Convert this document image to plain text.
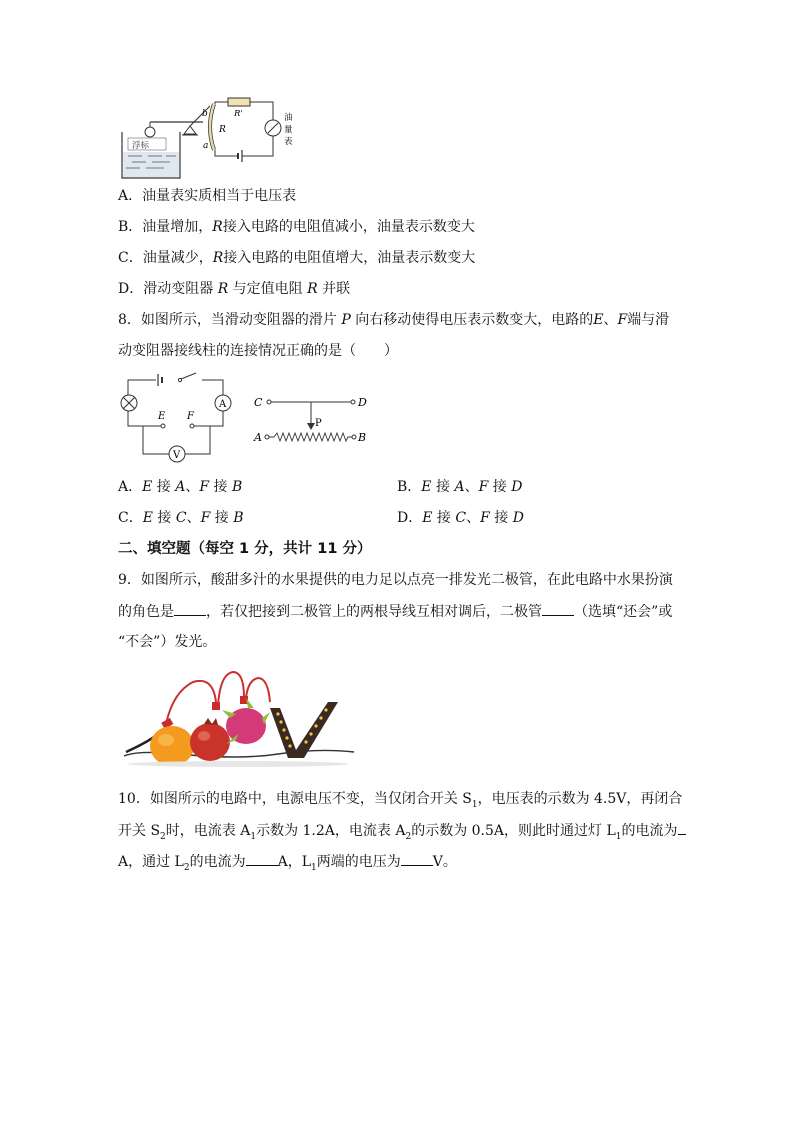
浮标
b
a
R
R'	油
量
表
A．油量表实质相当于电压表
B．油量增加，R接入电路的电阻值减小，油量表示数变大
C．油量减少，R接入电路的电阻值增大，油量表示数变大
D．滑动变阻器 R 与定值电阻 R 并联
8．如图所示，当滑动变阻器的滑片 P 向右移动使得电压表示数变大，电路的E、F端与滑
动变阻器接线柱的连接情况正确的是（　　）
A
E F
V
C	D
P
A	B
A．E 接 A、F 接 B	B．E 接 A、F 接 D
C．E 接 C、F 接 B	D．E 接 C、F 接 D
二、填空题（每空 1 分，共计 11 分）
9．如图所示，酸甜多汁的水果提供的电力足以点亮一排发光二极管，在此电路中水果扮演
的角色是 ，若仅把接到二极管上的两根导线互相对调后，二极管 （选填“还会”或
“不会”）发光。
10．如图所示的电路中，电源电压不变，当仅闭合开关 $S_1$，电压表的示数为 4.5V，再闭合
开关 $S_2$时，电流表 $A_1$示数为 1.2A，电流表 $A_2$的示数为 0.5A，则此时通过灯 $L_1$的电流为
A，通过 $L_2$的电流为 A，$L_1$两端的电压为 V。
